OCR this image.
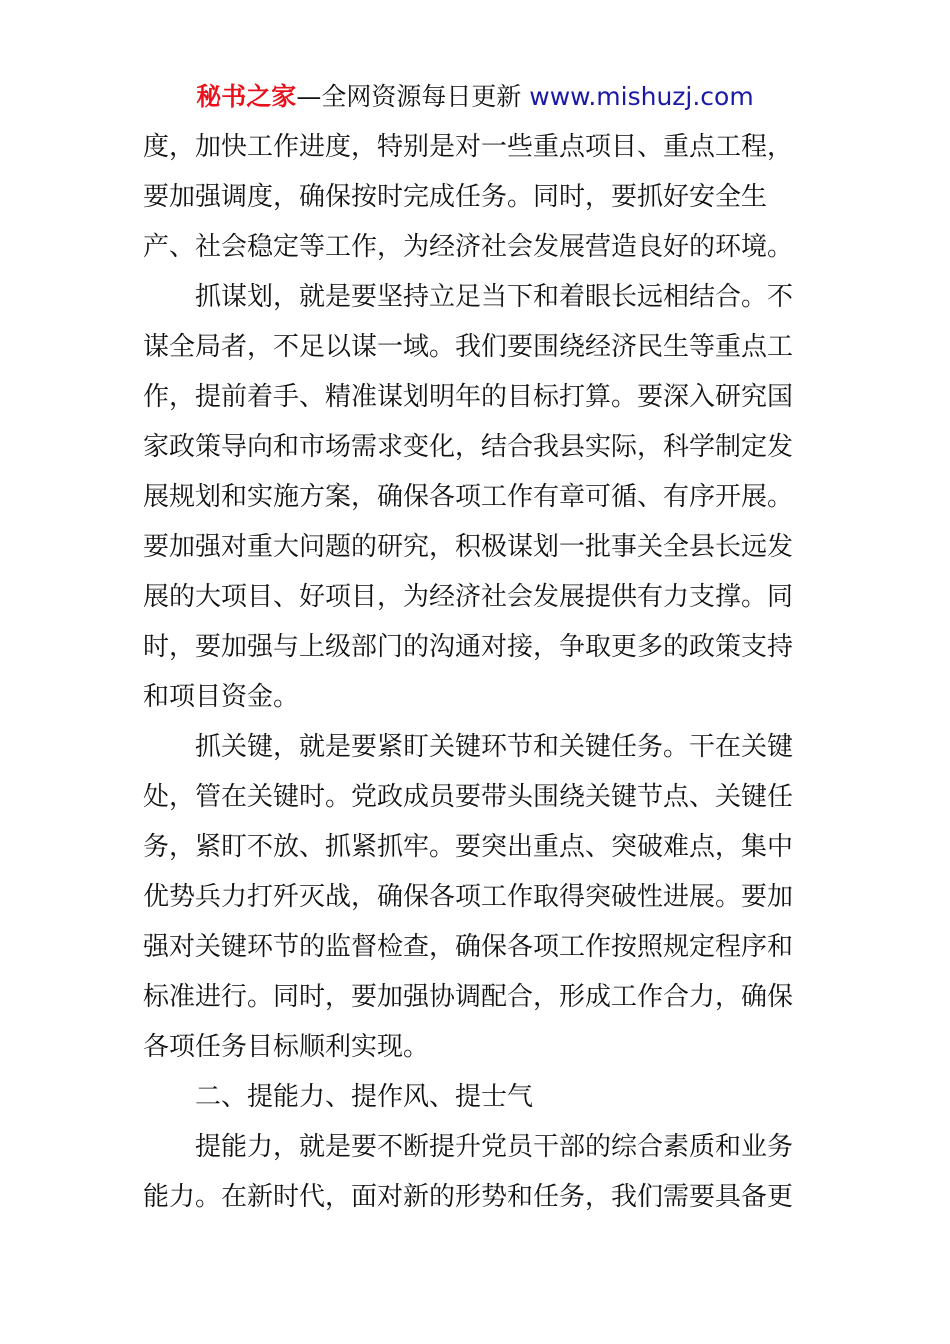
秘书之家—全网资源每日更新 www.mishuzj.com
度，加快工作进度，特别是对一些重点项目、重点工程，
要加强调度，确保按时完成任务。同时，要抓好安全生
产、社会稳定等工作，为经济社会发展营造良好的环境。
　　抓谋划，就是要坚持立足当下和着眼长远相结合。不
谋全局者，不足以谋一域。我们要围绕经济民生等重点工
作，提前着手、精准谋划明年的目标打算。要深入研究国
家政策导向和市场需求变化，结合我县实际，科学制定发
展规划和实施方案，确保各项工作有章可循、有序开展。
要加强对重大问题的研究，积极谋划一批事关全县长远发
展的大项目、好项目，为经济社会发展提供有力支撑。同
时，要加强与上级部门的沟通对接，争取更多的政策支持
和项目资金。
　　抓关键，就是要紧盯关键环节和关键任务。干在关键
处，管在关键时。党政成员要带头围绕关键节点、关键任
务，紧盯不放、抓紧抓牢。要突出重点、突破难点，集中
优势兵力打歼灭战，确保各项工作取得突破性进展。要加
强对关键环节的监督检查，确保各项工作按照规定程序和
标准进行。同时，要加强协调配合，形成工作合力，确保
各项任务目标顺利实现。
　　二、提能力、提作风、提士气
　　提能力，就是要不断提升党员干部的综合素质和业务
能力。在新时代，面对新的形势和任务，我们需要具备更
